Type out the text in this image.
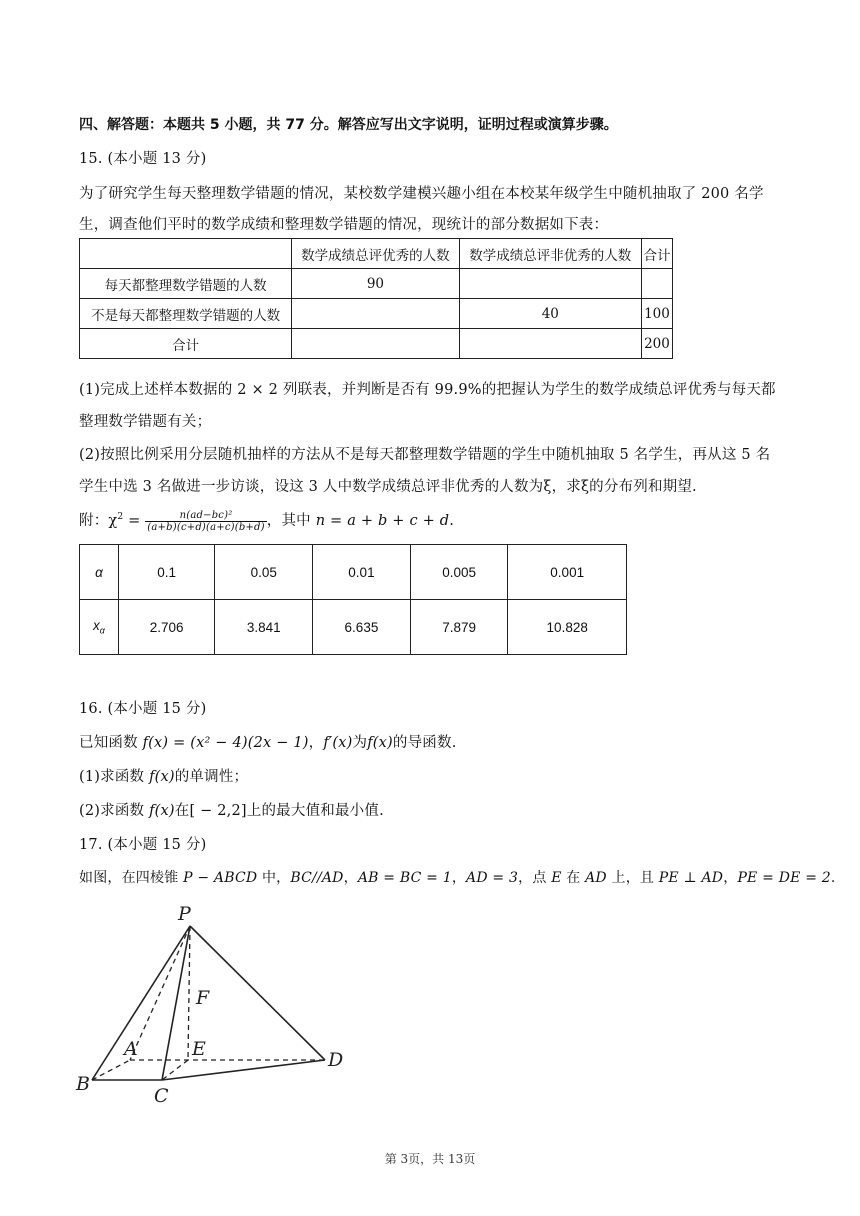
四、解答题：本题共 5 小题，共 77 分。解答应写出文字说明，证明过程或演算步骤。
15. (本小题 13 分)
为了研究学生每天整理数学错题的情况，某校数学建模兴趣小组在本校某年级学生中随机抽取了 200 名学
生，调查他们平时的数学成绩和整理数学错题的情况，现统计的部分数据如下表：
	数学成绩总评优秀的人数	数学成绩总评非优秀的人数	合计
每天都整理数学错题的人数	90		
不是每天都整理数学错题的人数		40	100
合计			200
(1)完成上述样本数据的 2 × 2 列联表，并判断是否有 99.9%的把握认为学生的数学成绩总评优秀与每天都
整理数学错题有关；
(2)按照比例采用分层随机抽样的方法从不是每天都整理数学错题的学生中随机抽取 5 名学生，再从这 5 名
学生中选 3 名做进一步访谈，设这 3 人中数学成绩总评非优秀的人数为ξ，求ξ的分布列和期望.
附：$\chi^2 = \frac{\text{n(ad−bc)²}}{(a+b)(c+d)(a+c)(b+d)}$ ，其中 n = a + b + c + d.
α	0.1	0.05	0.01	0.005	0.001
$x_\alpha$	2.706	3.841	6.635	7.879	10.828
16. (本小题 15 分)
已知函数 f(x) = (x² − 4)(2x − 1)，f′(x)为f(x)的导函数.
(1)求函数 f(x)的单调性；
(2)求函数 f(x)在[ − 2,2]上的最大值和最小值.
17. (本小题 15 分)
如图，在四棱锥 P − ABCD 中，BC//AD，AB = BC = 1，AD = 3，点 E 在 AD 上，且 PE ⊥ AD，PE = DE = 2.
P
F
A	E	D
B
C
第 3页，共 13页
